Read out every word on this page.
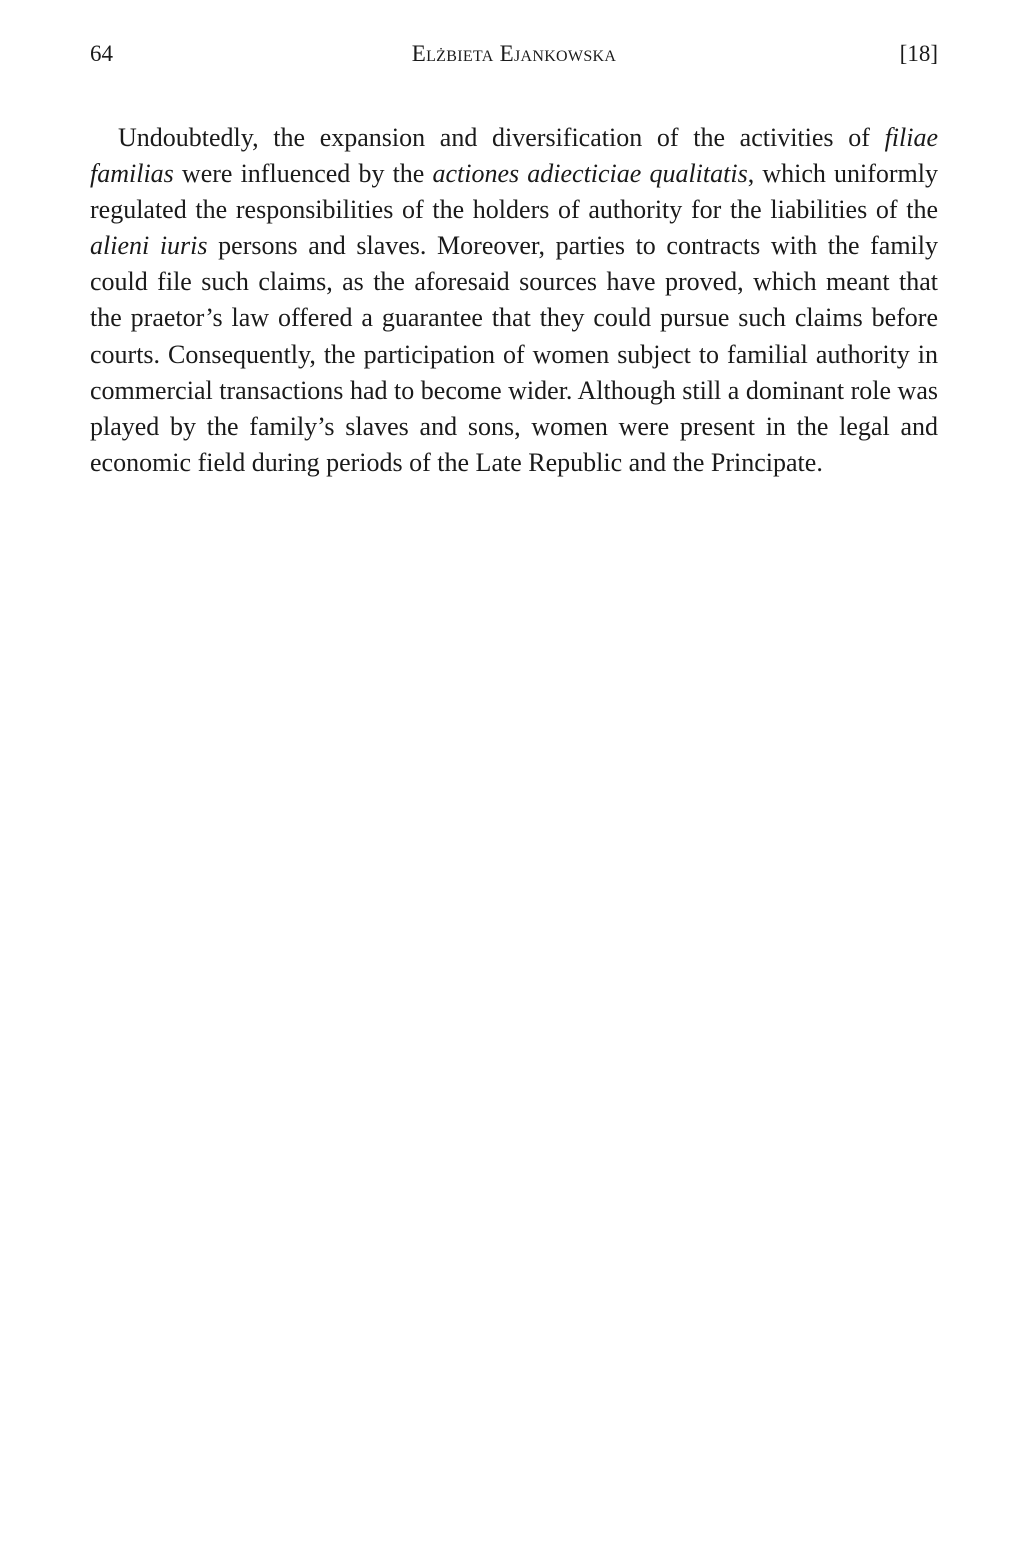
64	Elżbieta Ejankowska	[18]

Undoubtedly, the expansion and diversification of the activities of filiae familias were influenced by the actiones adiecticiae qualitatis, which uniformly regulated the responsibilities of the holders of authority for the liabilities of the alieni iuris persons and slaves. Moreover, parties to contracts with the family could file such claims, as the aforesaid sources have proved, which meant that the praetor’s law offered a guarantee that they could pursue such claims before courts. Consequently, the participation of women subject to familial authority in commercial transactions had to become wider. Although still a dominant role was played by the family’s slaves and sons, women were present in the legal and economic field during periods of the Late Republic and the Principate.
